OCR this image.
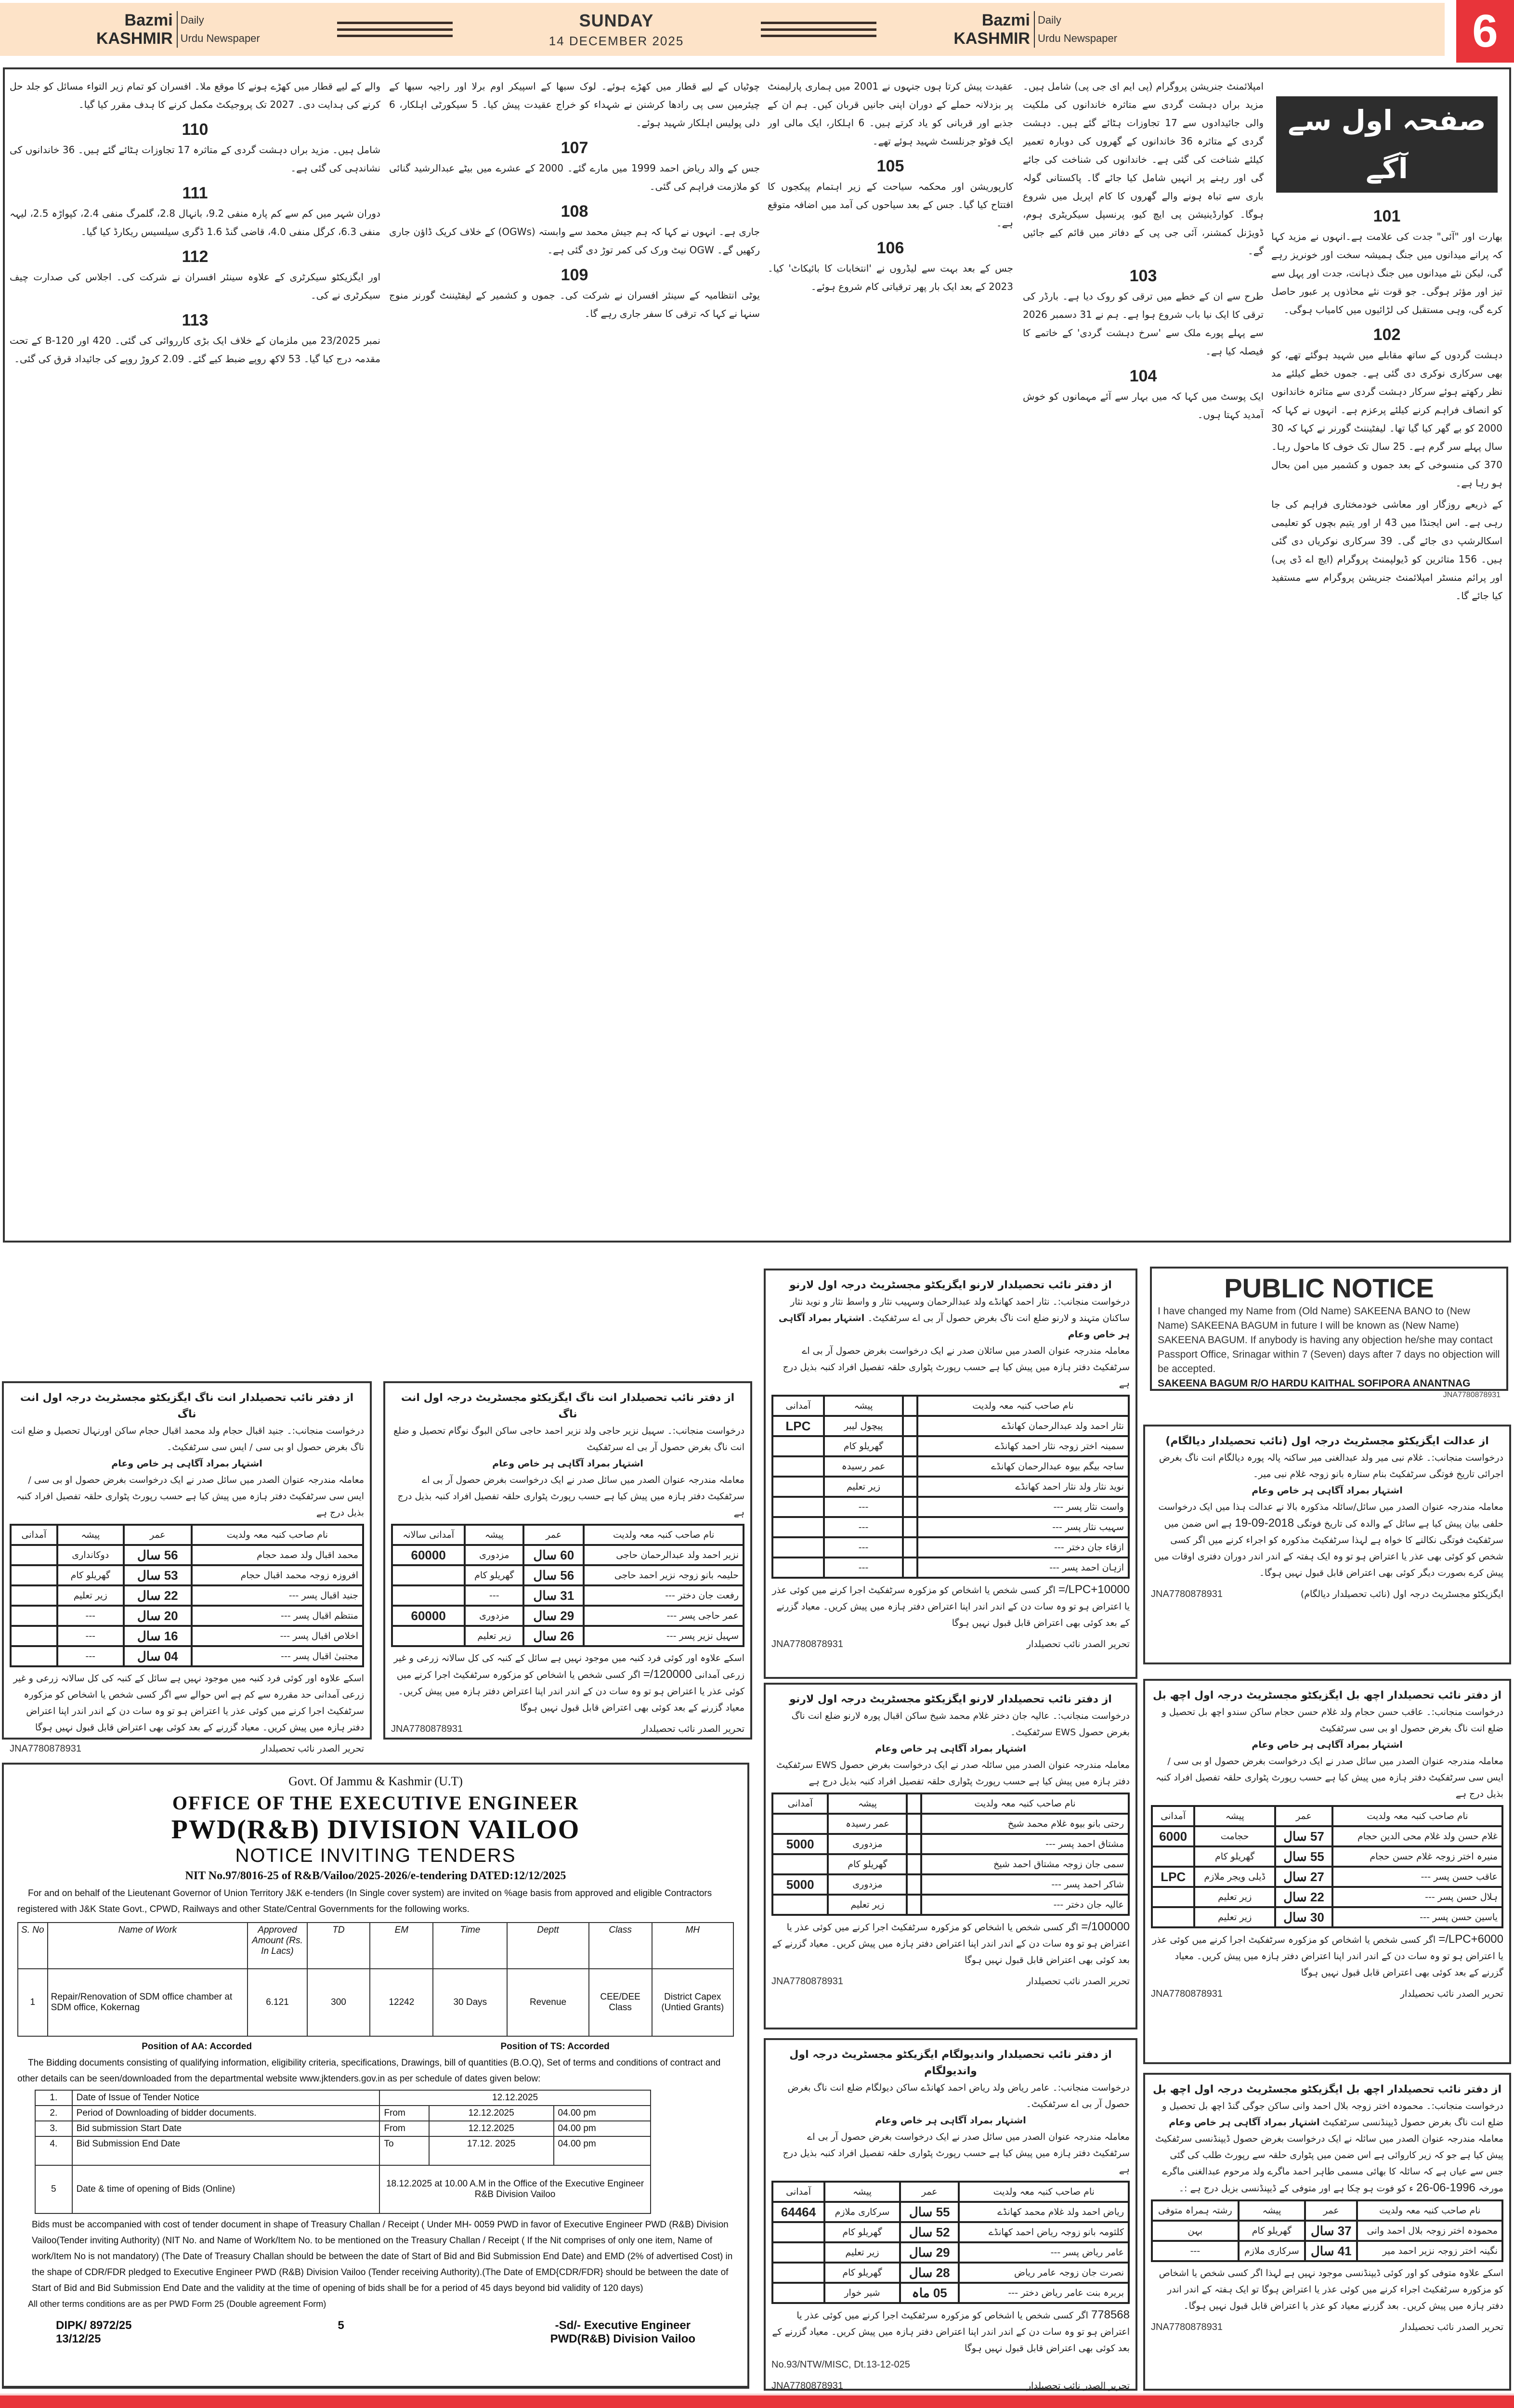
Bazmi
KASHMIR
Daily
Urdu Newspaper
SUNDAY
14 DECEMBER 2025
Bazmi
KASHMIR
Daily
Urdu Newspaper	6
صفحہ اول سے آگے
101

بھارت اور "آئی" جدت کی علامت ہے۔انہوں نے مزید کہا کہ پرانے میدانوں میں جنگ ہمیشہ سخت اور خونریز رہے گی، لیکن نئے میدانوں میں جنگ ذہانت، جدت اور پہل سے تیز اور مؤثر ہوگی۔ جو قوت نئے محاذوں پر عبور حاصل کرے گی، وہی مستقبل کی لڑائیوں میں کامیاب ہوگی۔

102

دہشت گردوں کے ساتھ مقابلے میں شہید ہوگئے تھے، کو بھی سرکاری نوکری دی گئی ہے۔ جموں خطے کیلئے مد نظر رکھتے ہوئے سرکار دہشت گردی سے متاثرہ خاندانوں کو انصاف فراہم کرنے کیلئے پرعزم ہے۔ انہوں نے کہا کہ 2000 کو بے گھر کیا گیا تھا۔ لیفٹیننٹ گورنر نے کہا کہ 30 سال پہلے سر گرم ہے۔ 25 سال تک خوف کا ماحول رہا۔ 370 کی منسوخی کے بعد جموں و کشمیر میں امن بحال ہو رہا ہے۔

کے ذریعے روزگار اور معاشی خودمختاری فراہم کی جا رہی ہے۔ اس ایجنڈا میں 43 ار اور یتیم بچوں کو تعلیمی اسکالرشپ دی جائے گی۔ 39 سرکاری نوکریاں دی گئی ہیں۔ 156 متاثرین کو ڈیولپمنٹ پروگرام (ایچ اے ڈی پی) اور پرائم منسٹر امپلائمنٹ جنریشن پروگرام سے مستفید کیا جائے گا۔

امپلائمنٹ جنریشن پروگرام (پی ایم ای جی پی) شامل ہیں۔ مزید براں دہشت گردی سے متاثرہ خاندانوں کی ملکیت والی جائیدادوں سے 17 تجاوزات ہٹائے گئے ہیں۔ دہشت گردی کے متاثرہ 36 خاندانوں کے گھروں کی دوبارہ تعمیر کیلئے شناخت کی گئی ہے۔ خاندانوں کی شناخت کی جائے گی اور رہنے پر انہیں شامل کیا جائے گا۔ پاکستانی گولہ باری سے تباہ ہونے والے گھروں کا کام اپریل میں شروع ہوگا۔ کوارڈینیشن پی ایچ کیو، پرنسپل سیکریٹری ہوم، ڈویژنل کمشنر، آئی جی پی کے دفاتر میں قائم کیے جائیں گے۔

103

طرح سے ان کے خطے میں ترقی کو روک دیا ہے۔ بارڈر کی ترقی کا ایک نیا باب شروع ہوا ہے۔ ہم نے 31 دسمبر 2026 سے پہلے پورے ملک سے 'سرخ دہشت گردی' کے خاتمے کا فیصلہ کیا ہے۔

104

ایک پوسٹ میں کہا کہ میں بہار سے آئے مہمانوں کو خوش آمدید کہتا ہوں۔

عقیدت پیش کرتا ہوں جنہوں نے 2001 میں ہماری پارلیمنٹ پر بزدلانہ حملے کے دوران اپنی جانیں قربان کیں۔ ہم ان کے جذبے اور قربانی کو یاد کرتے ہیں۔ 6 اہلکار، ایک مالی اور ایک فوٹو جرنلسٹ شہید ہوئے تھے۔

105

کارپوریشن اور محکمہ سیاحت کے زیر اہتمام پیکجوں کا افتتاح کیا گیا۔ جس کے بعد سیاحوں کی آمد میں اضافہ متوقع ہے۔

106

جس کے بعد بہت سے لیڈروں نے 'انتخابات کا بائیکاٹ' کیا۔ 2023 کے بعد ایک بار پھر ترقیاتی کام شروع ہوئے۔

چوٹیاں کے لیے قطار میں کھڑے ہوئے۔ لوک سبھا کے اسپیکر اوم برلا اور راجیہ سبھا کے چیئرمین سی پی رادھا کرشنن نے شہداء کو خراج عقیدت پیش کیا۔ 5 سیکورٹی اہلکار، 6 دلی پولیس اہلکار شہید ہوئے۔

107

جس کے والد ریاض احمد 1999 میں مارے گئے۔ 2000 کے عشرے میں بیٹے عبدالرشید گنائی کو ملازمت فراہم کی گئی۔

108

جاری ہے۔ انہوں نے کہا کہ ہم جیش محمد سے وابستہ (OGWs) کے خلاف کریک ڈاؤن جاری رکھیں گے۔ OGW نیٹ ورک کی کمر توڑ دی گئی ہے۔

109

یوٹی انتظامیہ کے سینئر افسران نے شرکت کی۔ جموں و کشمیر کے لیفٹیننٹ گورنر منوج سنہا نے کہا کہ ترقی کا سفر جاری رہے گا۔

والے کے لیے قطار میں کھڑے ہونے کا موقع ملا۔ افسران کو تمام زیر التواء مسائل کو جلد حل کرنے کی ہدایت دی۔ 2027 تک پروجیکٹ مکمل کرنے کا ہدف مقرر کیا گیا۔

110

شامل ہیں۔ مزید براں دہشت گردی کے متاثرہ 17 تجاوزات ہٹائے گئے ہیں۔ 36 خاندانوں کی نشاندہی کی گئی ہے۔

111

دوران شہر میں کم سے کم پارہ منفی 9.2، بانہال 2.8، گلمرگ منفی 2.4، کپواڑہ 2.5، لیہہ منفی 6.3، کرگل منفی 4.0، قاضی گنڈ 1.6 ڈگری سیلسیس ریکارڈ کیا گیا۔

112

اور ایگزیکٹو سیکرٹری کے علاوہ سینئر افسران نے شرکت کی۔ اجلاس کی صدارت چیف سیکرٹری نے کی۔

113

نمبر 23/2025 میں ملزمان کے خلاف ایک بڑی کارروائی کی گئی۔ 420 اور 120-B کے تحت مقدمہ درج کیا گیا۔ 53 لاکھ روپے ضبط کیے گئے۔ 2.09 کروڑ روپے کی جائیداد قرق کی گئی۔

PUBLIC NOTICE
I have changed my Name from (Old Name) SAKEENA BANO to (New Name) SAKEENA BAGUM in future I will be known as (New Name) SAKEENA BAGUM. If anybody is having any objection he/she may contact Passport Office, Srinagar within 7 (Seven) days after 7 days no objection will be accepted.
SAKEENA BAGUM R/O HARDU KAITHAL SOFIPORA ANANTNAG
JNA7780878931
از دفتر نائب تحصیلدار انت ناگ ایگزیکٹو مجسٹریٹ درجہ اول انت ناگ
درخواست منجانب:۔ جنید اقبال حجام ولد محمد اقبال حجام ساکن اورنہال تحصیل و ضلع انت ناگ بغرض حصول او بی سی / ایس سی سرٹفکیٹ۔
اشتہار بمراد آگاہی ہر خاص وعام
معاملہ مندرجہ عنوان الصدر میں سائل صدر نے ایک درخواست بغرض حصول او بی سی / ایس سی سرٹفکیٹ دفتر ہازہ میں پیش کیا ہے حسب رپورٹ پٹواری حلقہ تفصیل افراد کنبہ بذیل درج ہے
نام صاحب کنبہ معہ ولدیت	عمر	پیشہ	آمدانی
محمد اقبال ولد صمد حجام	56 سال	دوکانداری	
افروزہ زوجہ محمد اقبال حجام	53 سال	گھریلو کام	
جنید اقبال پسر ---	22 سال	زیر تعلیم	
منتظم اقبال پسر ---	20 سال	---	
اخلاص اقبال پسر ---	16 سال	---	
مجتبیٰ اقبال پسر ---	04 سال	---	
اسکے علاوہ اور کوئی فرد کنبہ میں موجود نہیں ہے سائل کے کنبہ کی کل سالانہ زرعی و غیر زرعی آمدانی حد مقررہ سے کم ہے اس حوالے سے اگر کسی شخص یا اشخاص کو مزکورہ سرٹفکیٹ اجرا کرنے میں کوئی عذر یا اعتراض ہو تو وہ سات دن کے اندر اندر اپنا اعتراض دفتر ہازہ میں پیش کریں۔ معیاد گزرنے کے بعد کوئی بھی اعتراض قابل قبول نہیں ہوگا
تحریر الصدر نائب تحصیلدار
JNA7780878931
از دفتر نائب تحصیلدار انت ناگ ایگزیکٹو مجسٹریٹ درجہ اول انت ناگ
درخواست منجانب:۔ سہیل نزیر حاجی ولد نزیر احمد حاجی ساکن البوگ نوگام تحصیل و ضلع انت ناگ بغرض حصول آر بی اے سرٹفکیٹ
اشتہار بمراد آگاہی ہر خاص وعام
معاملہ مندرجہ عنوان الصدر میں سائل صدر نے ایک درخواست بغرض حصول آر بی اے سرٹفکیٹ دفتر ہازہ میں پیش کیا ہے حسب رپورٹ پٹواری حلقہ تفصیل افراد کنبہ بذیل درج ہے
نام صاحب کنبہ معہ ولدیت	عمر	پیشہ	آمدانی سالانہ
نزیر احمد ولد عبدالرحمان حاجی	60 سال	مزدوری	60000
حلیمہ بانو زوجہ نزیر احمد حاجی	56 سال	گھریلو کام	
رفعت جان دختر ---	31 سال	---	
عمر حاجی پسر ---	29 سال	مزدوری	60000
سہیل نزیر پسر ---	26 سال	زیر تعلیم	
اسکے علاوہ اور کوئی فرد کنبہ میں موجود نہیں ہے سائل کے کنبہ کی کل سالانہ زرعی و غیر زرعی آمدانی =/120000 اگر کسی شخص یا اشخاص کو مزکورہ سرٹفکیٹ اجرا کرنے میں کوئی عذر یا اعتراض ہو تو وہ سات دن کے اندر اندر اپنا اعتراض دفتر ہازہ میں پیش کریں۔ معیاد گزرنے کے بعد کوئی بھی اعتراض قابل قبول نہیں ہوگا
تحریر الصدر نائب تحصیلدار
JNA7780878931
از دفتر نائب تحصیلدار لارنو ایگزیکٹو مجسٹریٹ درجہ اول لارنو
درخواست منجانب:۔ نثار احمد کھانڈے ولد عبدالرحمان وسہیب نثار و واسط نثار و نوید نثار ساکنان متہند و لارنو ضلع انت ناگ بغرض حصول آر بی اے سرٹفکیٹ۔ اشتہار بمراد آگاہی ہر خاص وعام
معاملہ مندرجہ عنوان الصدر میں سائلان صدر نے ایک درخواست بغرض حصول آر بی اے سرٹفکیٹ دفتر ہازہ میں پیش کیا ہے حسب رپورٹ پٹواری حلقہ تفصیل افراد کنبہ بذیل درج ہے
نام صاحب کنبہ معہ ولدیت		پیشہ	آمدانی
نثار احمد ولد عبدالرحمان کھانڈے		پیچول لیبر	LPC
سمینہ اختر زوجہ نثار احمد کھانڈے		گھریلو کام	
ساجہ بیگم بیوہ عبدالرحمان کھانڈے		عمر رسیدہ	
نوید نثار ولد نثار احمد کھانڈے		زیر تعلیم	
واست نثار پسر ---		---	
سہیب نثار پسر ---		---	
ازقاء جان دختر ---		---	
ازہان احمد پسر ---		---	
=/LPC+10000 اگر کسی شخص یا اشخاص کو مزکورہ سرٹفکیٹ اجرا کرنے میں کوئی عذر یا اعتراض ہو تو وہ سات دن کے اندر اندر اپنا اعتراض دفتر ہازہ میں پیش کریں۔ معیاد گزرنے کے بعد کوئی بھی اعتراض قابل قبول نہیں ہوگا
تحریر الصدر نائب تحصیلدار
JNA7780878931
از دفتر نائب تحصیلدار لارنو ایگزیکٹو مجسٹریٹ درجہ اول لارنو
درخواست منجانب:۔ عالیہ جان دختر غلام محمد شیخ ساکن اقبال پورہ لارنو ضلع انت ناگ بغرض حصول EWS سرٹفکیٹ۔
اشتہار بمراد آگاہی ہر خاص وعام
معاملہ مندرجہ عنوان الصدر میں سائلہ صدر نے ایک درخواست بغرض حصول EWS سرٹفکیٹ دفتر ہازہ میں پیش کیا ہے حسب رپورٹ پٹواری حلقہ تفصیل افراد کنبہ بذیل درج ہے
نام صاحب کنبہ معہ ولدیت		پیشہ	آمدانی
رحتی بانو بیوہ غلام محمد شیخ		عمر رسیدہ	
مشتاق احمد پسر ---		مزدوری	5000
سمی جان زوجہ مشتاق احمد شیخ		گھریلو کام	
شاکر احمد پسر ---		مزدوری	5000
عالیہ جان دختر ---		زیر تعلیم	
=/100000 اگر کسی شخص یا اشخاص کو مزکورہ سرٹفکیٹ اجرا کرنے میں کوئی عذر یا اعتراض ہو تو وہ سات دن کے اندر اندر اپنا اعتراض دفتر ہازہ میں پیش کریں۔ معیاد گزرنے کے بعد کوئی بھی اعتراض قابل قبول نہیں ہوگا
تحریر الصدر نائب تحصیلدار
JNA7780878931
از دفتر نائب تحصیلدار واندیولگام ایگزیکٹو مجسٹریٹ درجہ اول واندیولگام
درخواست منجانب:۔ عامر ریاض ولد ریاض احمد کھانڈے ساکن دیولگام ضلع انت ناگ بغرض حصول آر بی اے سرٹفکیٹ۔
اشتہار بمراد آگاہی ہر خاص وعام
معاملہ مندرجہ عنوان الصدر میں سائل صدر نے ایک درخواست بغرض حصول آر بی اے سرٹفکیٹ دفتر ہازہ میں پیش کیا ہے حسب رپورٹ پٹواری حلقہ تفصیل افراد کنبہ بذیل درج ہے
نام صاحب کنبہ معہ ولدیت	عمر	پیشہ	آمدانی
ریاض احمد ولد غلام محمد کھانڈے	55 سال	سرکاری ملازم	64464
کلثومہ بانو زوجہ ریاض احمد کھانڈے	52 سال	گھریلو کام	
عامر ریاض پسر ---	29 سال	زیر تعلیم	
نصرت جان زوجہ عامر ریاض	28 سال	گھریلو کام	
بریرہ بنت عامر ریاض دختر ---	05 ماہ	شیر خوار	
778568 اگر کسی شخص یا اشخاص کو مزکورہ سرٹفکیٹ اجرا کرنے میں کوئی عذر یا اعتراض ہو تو وہ سات دن کے اندر اندر اپنا اعتراض دفتر ہازہ میں پیش کریں۔ معیاد گزرنے کے بعد کوئی بھی اعتراض قابل قبول نہیں ہوگا
No.93/NTW/MISC, Dt.13-12-025
تحریر الصدر نائب تحصیلدار
JNA7780878931
از عدالت ایگزیکٹو مجسٹریٹ درجہ اول (نائب تحصیلدار دیالگام)
درخواست منجانب:۔ غلام نبی میر ولد عبدالغنی میر ساکنہ پالہ پورہ دیالگام انت ناگ بغرض اجرائی تاریخ فوتگی سرٹفکیٹ بنام ستارہ بانو زوجہ غلام نبی میر۔
اشتہار بمراد آگاہی ہر خاص وعام
معاملہ مندرجہ عنوان الصدر میں سائل/سائلہ مذکورہ بالا نے عدالت ہذا میں ایک درخواست حلفی بیان پیش کیا ہے سائل کے والدہ کی تاریخ فوتگی 19-09-2018 ہے اس ضمن میں سرٹفکیٹ فوتگی نکالنے کا خواہ ہے لہذا سرٹفکیٹ مذکورہ کو اجراء کرنے میں اگر کسی شخص کو کوئی بھی عذر یا اعتراض ہو تو وہ ایک ہفتہ کے اندر اندر دوران دفتری اوقات میں پیش کرے بصورت دیگر کوئی بھی اعتراض قابل قبول نہیں ہوگا۔
ایگزیکٹو مجسٹریٹ درجہ اول (نائب تحصیلدار دیالگام)
JNA7780878931
از دفتر نائب تحصیلدار اچھ بل ایگزیکٹو مجسٹریٹ درجہ اول اچھ بل
درخواست منجانب:۔ عاقب حسن حجام ولد غلام حسن حجام ساکن سندو اچھ بل تحصیل و ضلع انت ناگ بغرض حصول او بی سی سرٹفکیٹ
اشتہار بمراد آگاہی ہر خاص وعام
معاملہ مندرجہ عنوان الصدر میں سائل صدر نے ایک درخواست بغرض حصول او بی سی / ایس سی سرٹفکیٹ دفتر ہازہ میں پیش کیا ہے حسب رپورٹ پٹواری حلقہ تفصیل افراد کنبہ بذیل درج ہے
نام صاحب کنبہ معہ ولدیت	عمر	پیشہ	آمدانی
غلام حسن ولد غلام محی الدین حجام	57 سال	حجامت	6000
منیرہ اختر زوجہ غلام حسن حجام	55 سال	گھریلو کام	
عاقب حسن پسر ---	27 سال	ڈیلی ویجر ملازم	LPC
ہلال حسن پسر ---	22 سال	زیر تعلیم	
یاسین حسن پسر ---	30 سال	زیر تعلیم	
=/LPC+6000 اگر کسی شخص یا اشخاص کو مزکورہ سرٹفکیٹ اجرا کرنے میں کوئی عذر یا اعتراض ہو تو وہ سات دن کے اندر اندر اپنا اعتراض دفتر ہازہ میں پیش کریں۔ معیاد گزرنے کے بعد کوئی بھی اعتراض قابل قبول نہیں ہوگا
تحریر الصدر نائب تحصیلدار
JNA7780878931
از دفتر نائب تحصیلدار اچھ بل ایگزیکٹو مجسٹریٹ درجہ اول اچھ بل
درخواست منجانب:۔ محمودہ اختر زوجہ بلال احمد وانی ساکن جوگی گنڈ اچھ بل تحصیل و ضلع انت ناگ بغرض حصول ڈیپنڈنسی سرٹفکیٹ اشتہار بمراد آگاہی ہر خاص وعام
معاملہ مندرجہ عنوان الصدر میں سائلہ نے ایک درخواست بغرض حصول ڈیپنڈنسی سرٹفکیٹ پیش کیا ہے جو کہ زیر کاروائی ہے اس ضمن میں پٹواری حلقہ سے رپورٹ طلب کی گئی جس سے عیاں ہے کہ سائلہ کا بھائی مسمی طاہر احمد ماگرے ولد مرحوم عبدالغنی ماگرے مورخہ 26-06-1996 ء کو فوت ہو چکا ہے اور متوفی کے ڈیپنڈنسی بزیل درج ہے :۔
نام صاحب کنبہ معہ ولدیت	عمر	پیشہ	رشتہ ہمراہ متوفی
محمودہ اختر زوجہ بلال احمد وانی	37 سال	گھریلو کام	بہن
نگینہ اختر زوجہ نزیر احمد میر	41 سال	سرکاری ملازم	---
اسکے علاوہ متوفی کو اور کوئی ڈیپنڈنسی موجود نہیں ہے لہذا اگر کسی شخص یا اشخاص کو مزکورہ سرٹفکیٹ اجراء کرنے میں کوئی عذر یا اعتراض ہوگا تو ایک ہفتہ کے اندر اندر دفتر ہازہ میں پیش کریں۔ بعد گزرنے معیاد کو عذر یا اعتراض قابل قبول نہیں ہوگا۔
تحریر الصدر نائب تحصیلدار
JNA7780878931
Govt. Of Jammu & Kashmir (U.T)
OFFICE OF THE EXECUTIVE ENGINEER
PWD(R&B) DIVISION VAILOO
NOTICE INVITING TENDERS
NIT No.97/8016-25 of R&B/Vailoo/2025-2026/e-tendering DATED:12/12/2025
For and on behalf of the Lieutenant Governor of Union Territory J&K e-tenders (In Single cover system) are invited on %age basis from approved and eligible Contractors registered with J&K State Govt., CPWD, Railways and other State/Central Governments for the following works.
S. No	Name of Work	Approved Amount (Rs. In Lacs)	TD	EM	Time	Deptt	Class	MH
1	Repair/Renovation of SDM office chamber at SDM office, Kokernag	6.121	300	12242	30 Days	Revenue	CEE/DEE Class	District Capex (Untied Grants)
Position of AA: Accorded	Position of TS: Accorded
The Bidding documents consisting of qualifying information, eligibility criteria, specifications, Drawings, bill of quantities (B.O.Q), Set of terms and conditions of contract and other details can be seen/downloaded from the departmental website www.jktenders.gov.in as per schedule of dates given below:
1.	Date of Issue of Tender Notice	12.12.2025		
2.	Period of Downloading of bidder documents.	From	12.12.2025	04.00 pm
3.	Bid submission Start Date	From	12.12.2025	04.00 pm
4.	Bid Submission End Date	To	17.12. 2025	04.00 pm
5	Date & time of opening of Bids (Online)	18.12.2025 at 10.00 A.M in the Office of the Executive Engineer R&B Division Vailoo		
Bids must be accompanied with cost of tender document in shape of Treasury Challan / Receipt ( Under MH- 0059 PWD in favor of Executive Engineer PWD (R&B) Division Vailoo(Tender inviting Authority) (NIT No. and Name of Work/Item No. to be mentioned on the Treasury Challan / Receipt ( If the Nit comprises of only one item, Name of work/Item No is not mandatory) (The Date of Treasury Challan should be between the date of Start of Bid and Bid Submission End Date) and EMD (2% of advertised Cost) in the shape of CDR/FDR pledged to Executive Engineer PWD (R&B) Division Vailoo (Tender receiving Authority).(The Date of EMD{CDR/FDR} should be between the date of Start of Bid and Bid Submission End Date and the validity at the time of opening of bids shall be for a period of 45 days beyond bid validity of 120 days)
All other terms conditions are as per PWD Form 25 (Double agreement Form)
DIPK/ 8972/25
13/12/25
5	-Sd/- Executive Engineer
PWD(R&B) Division Vailoo
